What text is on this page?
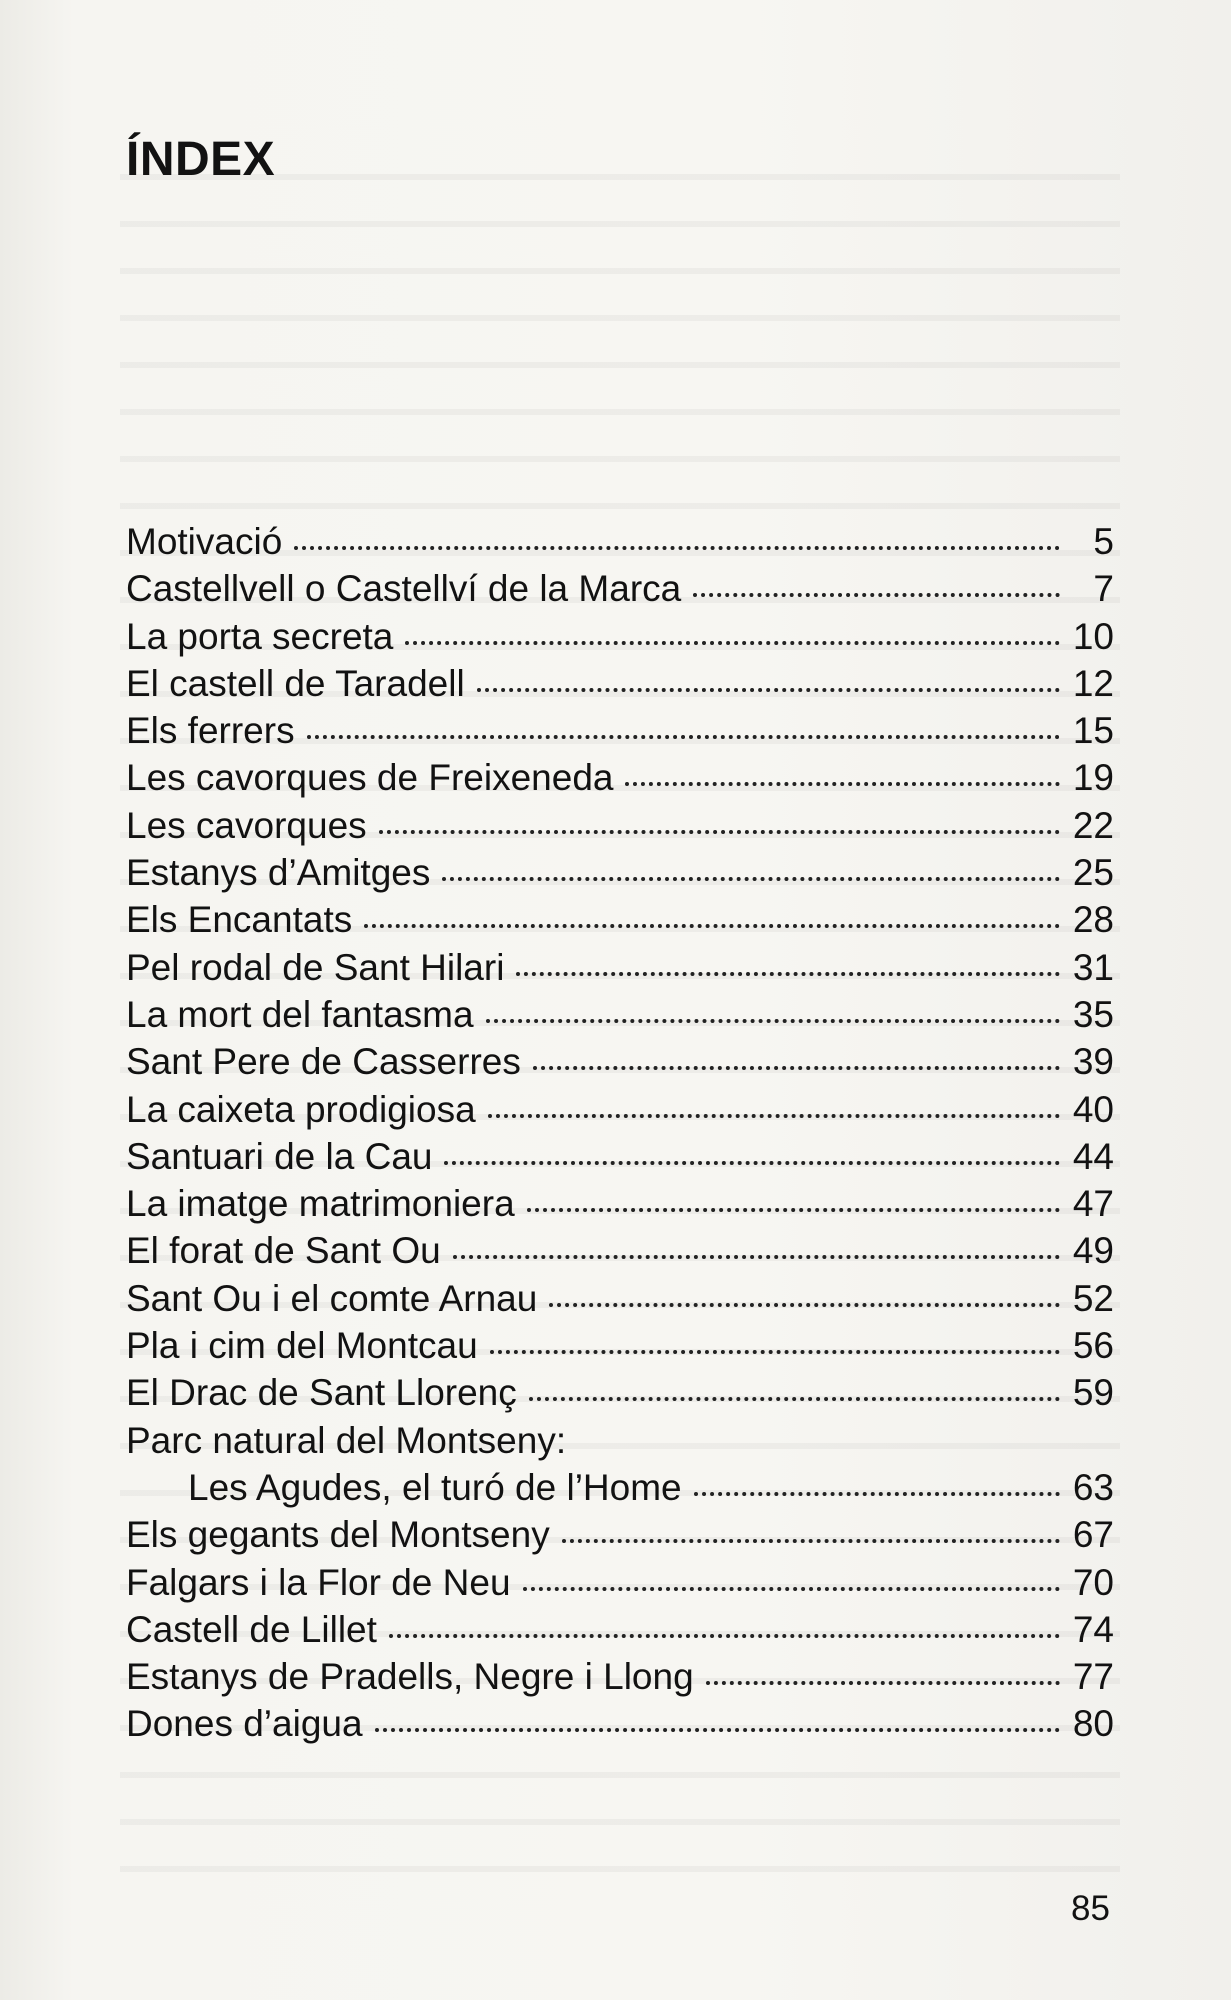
ÍNDEX
Motivació	5
Castellvell o Castellví de la Marca	7
La porta secreta	10
El castell de Taradell	12
Els ferrers	15
Les cavorques de Freixeneda	19
Les cavorques	22
Estanys d’Amitges	25
Els Encantats	28
Pel rodal de Sant Hilari	31
La mort del fantasma	35
Sant Pere de Casserres	39
La caixeta prodigiosa	40
Santuari de la Cau	44
La imatge matrimoniera	47
El forat de Sant Ou	49
Sant Ou i el comte Arnau	52
Pla i cim del Montcau	56
El Drac de Sant Llorenç	59
Parc natural del Montseny:
Les Agudes, el turó de l’Home	63
Els gegants del Montseny	67
Falgars i la Flor de Neu	70
Castell de Lillet	74
Estanys de Pradells, Negre i Llong	77
Dones d’aigua	80

85
